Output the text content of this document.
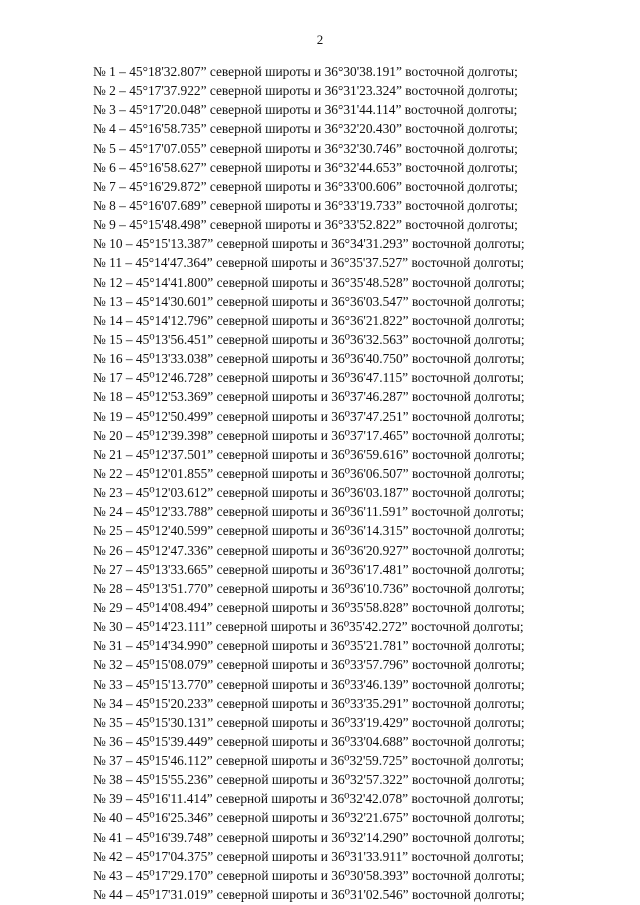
2
№ 1 – 45°18'32.807” северной широты и 36°30'38.191” восточной долготы;
№ 2 – 45°17'37.922” северной широты и 36°31'23.324” восточной долготы;
№ 3 – 45°17'20.048” северной широты и 36°31'44.114” восточной долготы;
№ 4 – 45°16'58.735” северной широты и 36°32'20.430” восточной долготы;
№ 5 – 45°17'07.055” северной широты и 36°32'30.746” восточной долготы;
№ 6 – 45°16'58.627” северной широты и 36°32'44.653” восточной долготы;
№ 7 – 45°16'29.872” северной широты и 36°33'00.606” восточной долготы;
№ 8 – 45°16'07.689” северной широты и 36°33'19.733” восточной долготы;
№ 9 – 45°15'48.498” северной широты и 36°33'52.822” восточной долготы;
№ 10 – 45°15'13.387” северной широты и 36°34'31.293” восточной долготы;
№ 11 – 45°14'47.364” северной широты и 36°35'37.527” восточной долготы;
№ 12 – 45°14'41.800” северной широты и 36°35'48.528” восточной долготы;
№ 13 – 45°14'30.601” северной широты и 36°36'03.547” восточной долготы;
№ 14 – 45°14'12.796” северной широты и 36°36'21.822” восточной долготы;
№ 15 – 45⁰13'56.451” северной широты и 36⁰36'32.563” восточной долготы;
№ 16 – 45⁰13'33.038” северной широты и 36⁰36'40.750” восточной долготы;
№ 17 – 45⁰12'46.728” северной широты и 36⁰36'47.115” восточной долготы;
№ 18 – 45⁰12'53.369” северной широты и 36⁰37'46.287” восточной долготы;
№ 19 – 45⁰12'50.499” северной широты и 36⁰37'47.251” восточной долготы;
№ 20 – 45⁰12'39.398” северной широты и 36⁰37'17.465” восточной долготы;
№ 21 – 45⁰12'37.501” северной широты и 36⁰36'59.616” восточной долготы;
№ 22 – 45⁰12'01.855” северной широты и 36⁰36'06.507” восточной долготы;
№ 23 – 45⁰12'03.612” северной широты и 36⁰36'03.187” восточной долготы;
№ 24 – 45⁰12'33.788” северной широты и 36⁰36'11.591” восточной долготы;
№ 25 – 45⁰12'40.599” северной широты и 36⁰36'14.315” восточной долготы;
№ 26 – 45⁰12'47.336” северной широты и 36⁰36'20.927” восточной долготы;
№ 27 – 45⁰13'33.665” северной широты и 36⁰36'17.481” восточной долготы;
№ 28 – 45⁰13'51.770” северной широты и 36⁰36'10.736” восточной долготы;
№ 29 – 45⁰14'08.494” северной широты и 36⁰35'58.828” восточной долготы;
№ 30 – 45⁰14'23.111” северной широты и 36⁰35'42.272” восточной долготы;
№ 31 – 45⁰14'34.990” северной широты и 36⁰35'21.781” восточной долготы;
№ 32 – 45⁰15'08.079” северной широты и 36⁰33'57.796” восточной долготы;
№ 33 – 45⁰15'13.770” северной широты и 36⁰33'46.139” восточной долготы;
№ 34 – 45⁰15'20.233” северной широты и 36⁰33'35.291” восточной долготы;
№ 35 – 45⁰15'30.131” северной широты и 36⁰33'19.429” восточной долготы;
№ 36 – 45⁰15'39.449” северной широты и 36⁰33'04.688” восточной долготы;
№ 37 – 45⁰15'46.112” северной широты и 36⁰32'59.725” восточной долготы;
№ 38 – 45⁰15'55.236” северной широты и 36⁰32'57.322” восточной долготы;
№ 39 – 45⁰16'11.414” северной широты и 36⁰32'42.078” восточной долготы;
№ 40 – 45⁰16'25.346” северной широты и 36⁰32'21.675” восточной долготы;
№ 41 – 45⁰16'39.748” северной широты и 36⁰32'14.290” восточной долготы;
№ 42 – 45⁰17'04.375” северной широты и 36⁰31'33.911” восточной долготы;
№ 43 – 45⁰17'29.170” северной широты и 36⁰30'58.393” восточной долготы;
№ 44 – 45⁰17'31.019” северной широты и 36⁰31'02.546” восточной долготы;
